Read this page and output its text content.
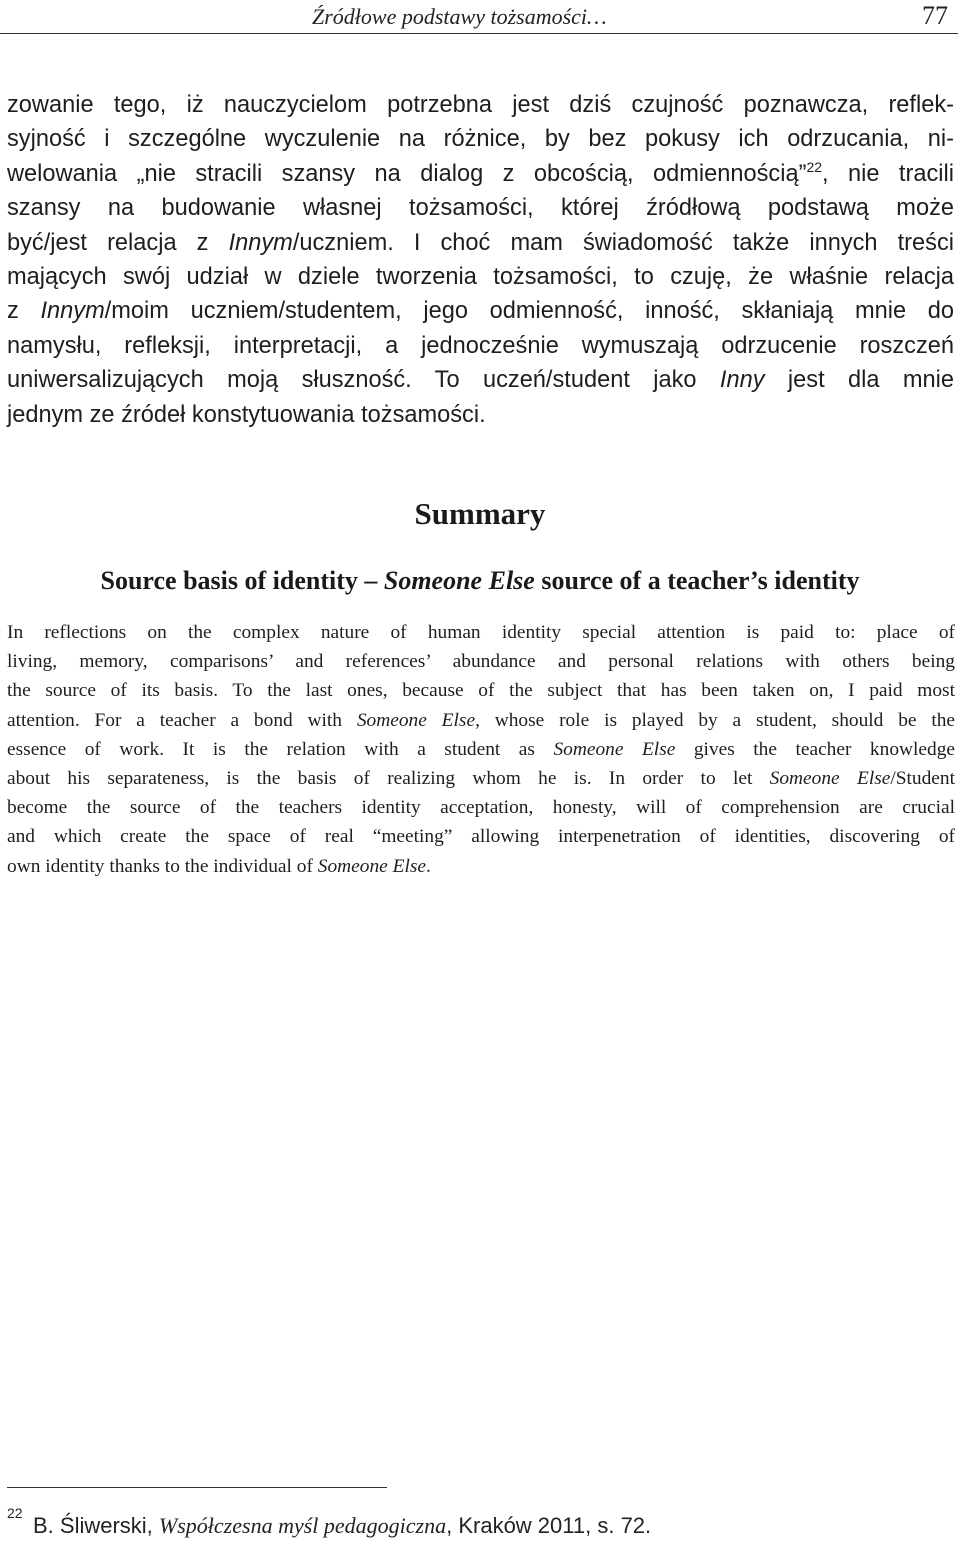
Źródłowe podstawy tożsamości…	77
zowanie tego, iż nauczycielom potrzebna jest dziś czujność poznawcza, reflek-
syjność i szczególne wyczulenie na różnice, by bez pokusy ich odrzucania, ni-
welowania „nie stracili szansy na dialog z obcością, odmiennością”$^{22}$, nie tracili
szansy na budowanie własnej tożsamości, której źródłową podstawą może
być/jest relacja z Innym/uczniem. I choć mam świadomość także innych treści
mających swój udział w dziele tworzenia tożsamości, to czuję, że właśnie relacja
z Innym/moim uczniem/studentem, jego odmienność, inność, skłaniają mnie do
namysłu, refleksji, interpretacji, a jednocześnie wymuszają odrzucenie roszczeń
uniwersalizujących moją słuszność. To uczeń/student jako Inny jest dla mnie
jednym ze źródeł konstytuowania tożsamości.
Summary
Source basis of identity – Someone Else source of a teacher’s identity
In reflections on the complex nature of human identity special attention is paid to: place of
living, memory, comparisons’ and references’ abundance and personal relations with others being
the source of its basis. To the last ones, because of the subject that has been taken on, I paid most
attention. For a teacher a bond with Someone Else, whose role is played by a student, should be the
essence of work. It is the relation with a student as Someone Else gives the teacher knowledge
about his separateness, is the basis of realizing whom he is. In order to let Someone Else/Student
become the source of the teachers identity acceptation, honesty, will of comprehension are crucial
and which create the space of real “meeting” allowing interpenetration of identities, discovering of
own identity thanks to the individual of Someone Else.
22 B. Śliwerski, Współczesna myśl pedagogiczna, Kraków 2011, s. 72.
